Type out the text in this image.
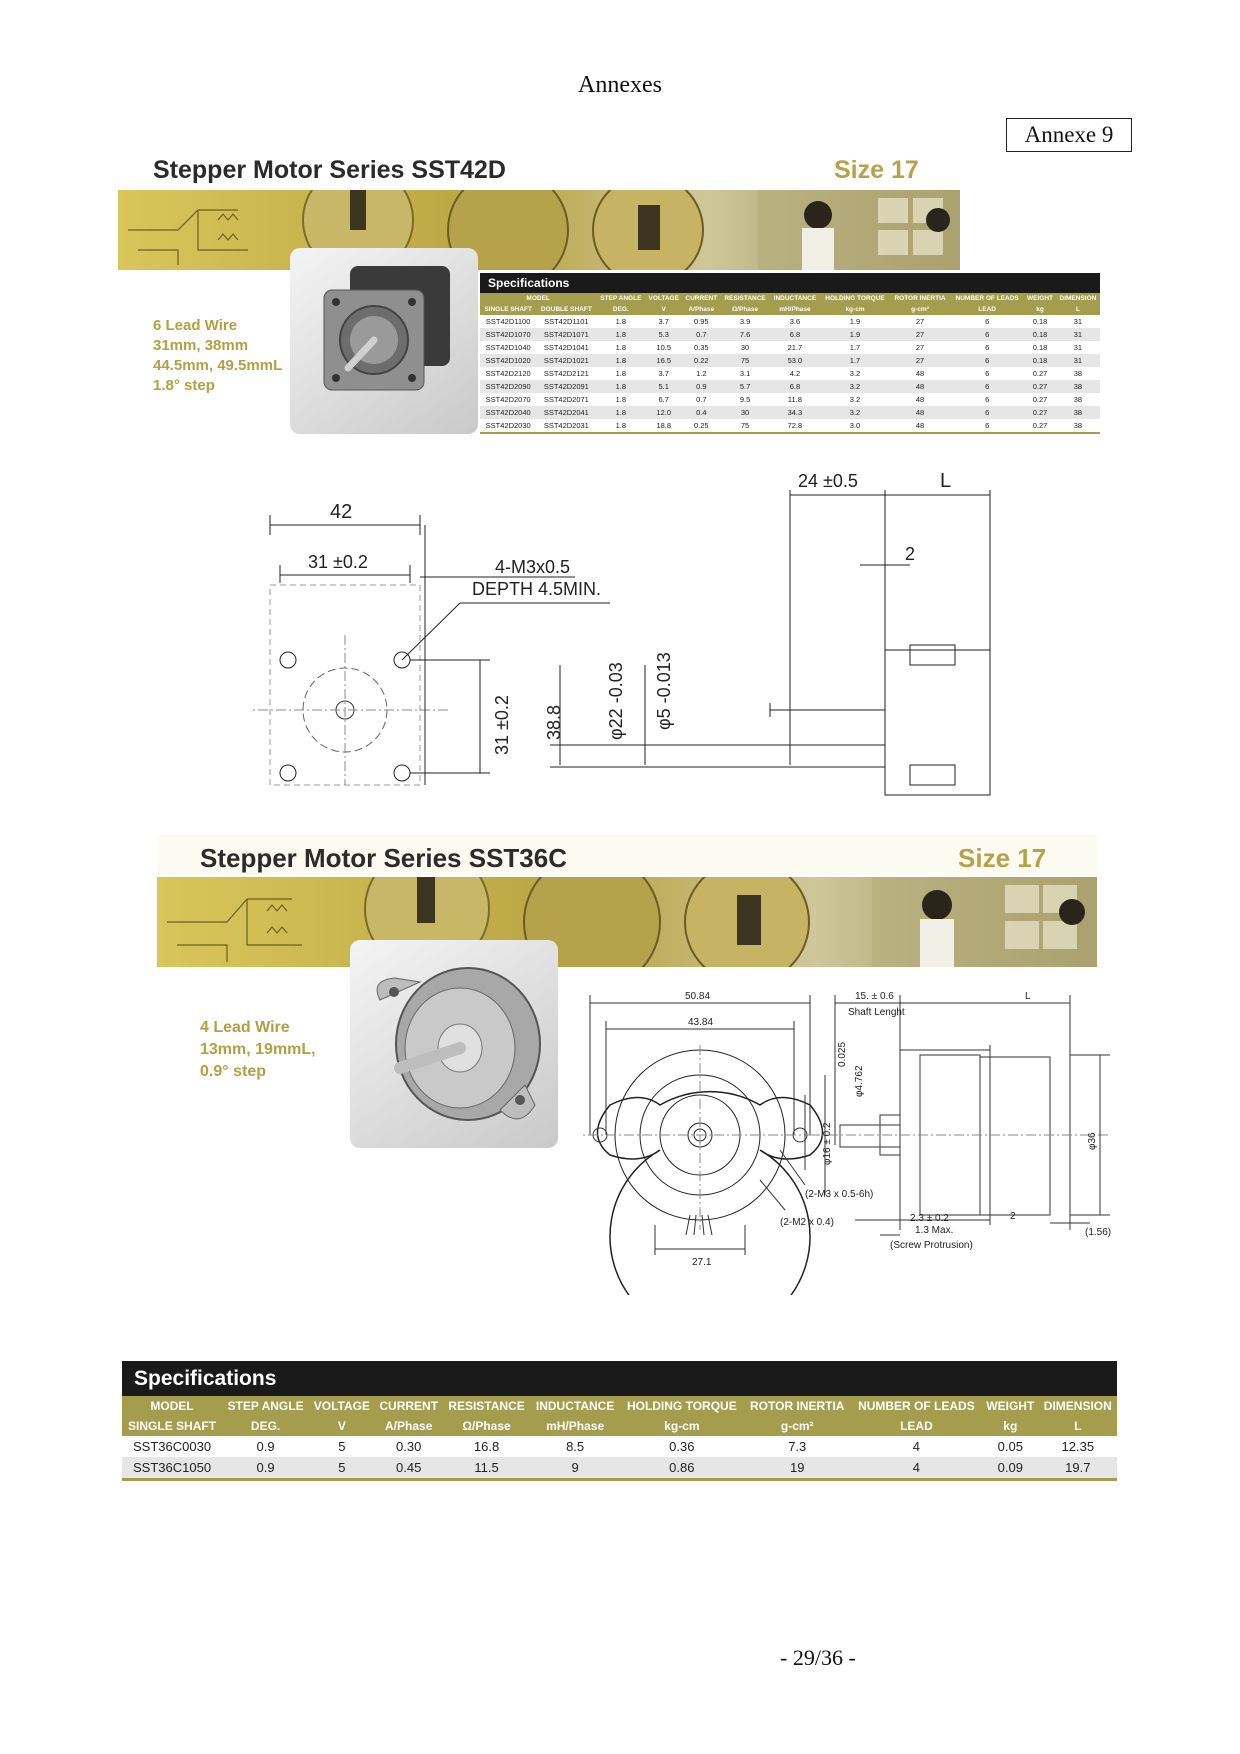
Annexes
Annexe 9
Stepper Motor Series SST42D	Size 17
6 Lead Wire
31mm, 38mm
44.5mm, 49.5mmL
1.8° step
Specifications
MODEL		STEP ANGLE	VOLTAGE	CURRENT	RESISTANCE	INDUCTANCE	HOLDING TORQUE	ROTOR INERTIA	NUMBER OF LEADS	WEIGHT	DIMENSION
SINGLE SHAFT	DOUBLE SHAFT	DEG.	V	A/Phase	Ω/Phase	mH/Phase	kg-cm	g-cm²	LEAD	kg	L
SST42D1100	SST42D1101	1.8	3.7	0.95	3.9	3.6	1.9	27	6	0.18	31
SST42D1070	SST42D1071	1.8	5.3	0.7	7.6	6.8	1.9	27	6	0.18	31
SST42D1040	SST42D1041	1.8	10.5	0.35	30	21.7	1.7	27	6	0.18	31
SST42D1020	SST42D1021	1.8	16.5	0.22	75	53.0	1.7	27	6	0.18	31
SST42D2120	SST42D2121	1.8	3.7	1.2	3.1	4.2	3.2	48	6	0.27	38
SST42D2090	SST42D2091	1.8	5.1	0.9	5.7	6.8	3.2	48	6	0.27	38
SST42D2070	SST42D2071	1.8	6.7	0.7	9.5	11.8	3.2	48	6	0.27	38
SST42D2040	SST42D2041	1.8	12.0	0.4	30	34.3	3.2	48	6	0.27	38
SST42D2030	SST42D2031	1.8	18.8	0.25	75	72.8	3.0	48	6	0.27	38
42
31 ±0.2	4-M3x0.5
DEPTH 4.5MIN.
31 ±0.2 38.8 φ22 -0.03 φ5 -0.013
24 ±0.5	L
2
Stepper Motor Series SST36C	Size 17
4 Lead Wire
13mm, 19mmL,
0.9° step
50.84
43.84
15. ± 0.6
Shaft Lenght
L
0.025
φ4.762
φ16 ± 0.2	φ36
(2-M3 x 0.5-6h)
(2-M2 x 0.4)	2.3 ± 0.2
1.3 Max.
(Screw Protrusion)
2
(1.56)
27.1
Specifications
MODEL	STEP ANGLE	VOLTAGE	CURRENT	RESISTANCE	INDUCTANCE	HOLDING TORQUE	ROTOR INERTIA	NUMBER OF LEADS	WEIGHT	DIMENSION
SINGLE SHAFT	DEG.	V	A/Phase	Ω/Phase	mH/Phase	kg-cm	g-cm²	LEAD	kg	L
SST36C0030	0.9	5	0.30	16.8	8.5	0.36	7.3	4	0.05	12.35
SST36C1050	0.9	5	0.45	11.5	9	0.86	19	4	0.09	19.7
- 29/36 -
